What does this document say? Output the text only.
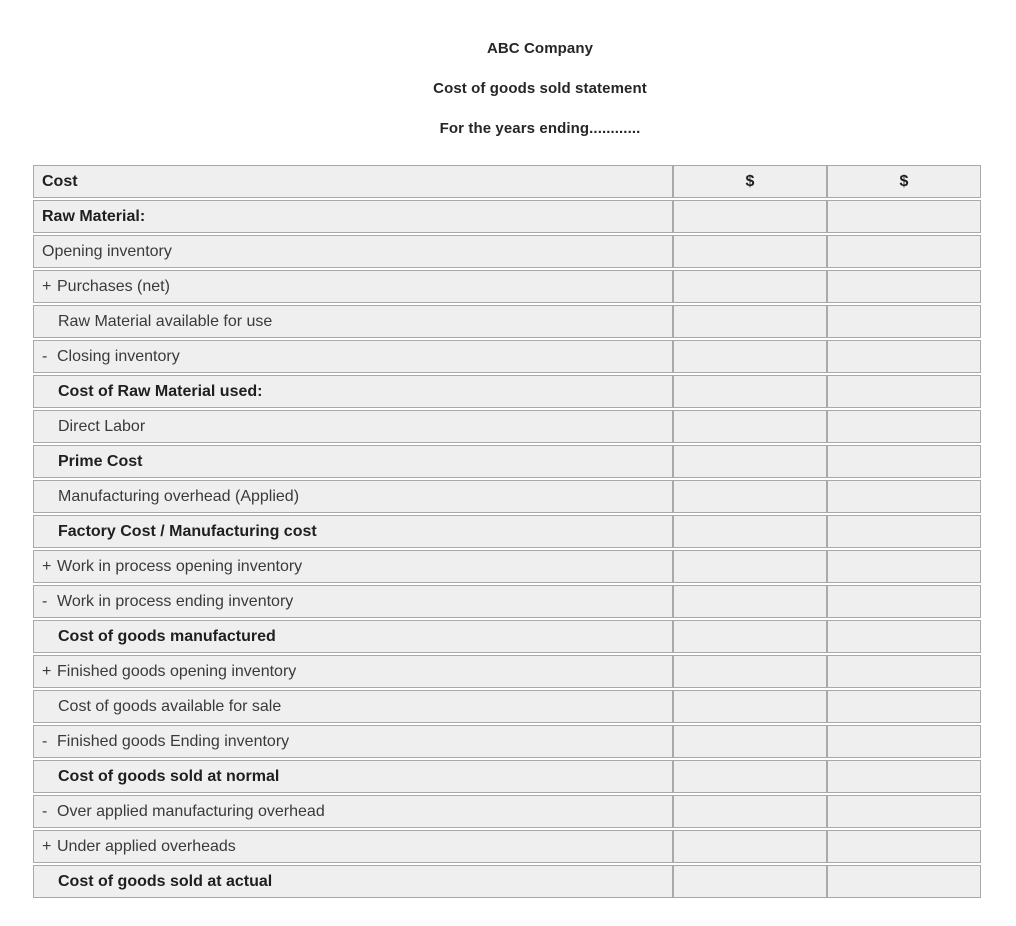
ABC Company
Cost of goods sold statement
For the years ending............
Cost	$	$
Raw Material:
Opening inventory
+ Purchases (net)
Raw Material available for use
- Closing inventory
Cost of Raw Material used:
Direct Labor
Prime Cost
Manufacturing overhead (Applied)
Factory Cost / Manufacturing cost
+ Work in process opening inventory
- Work in process ending inventory
Cost of goods manufactured
+ Finished goods opening inventory
Cost of goods available for sale
- Finished goods Ending inventory
Cost of goods sold at normal
- Over applied manufacturing overhead
+ Under applied overheads
Cost of goods sold at actual
